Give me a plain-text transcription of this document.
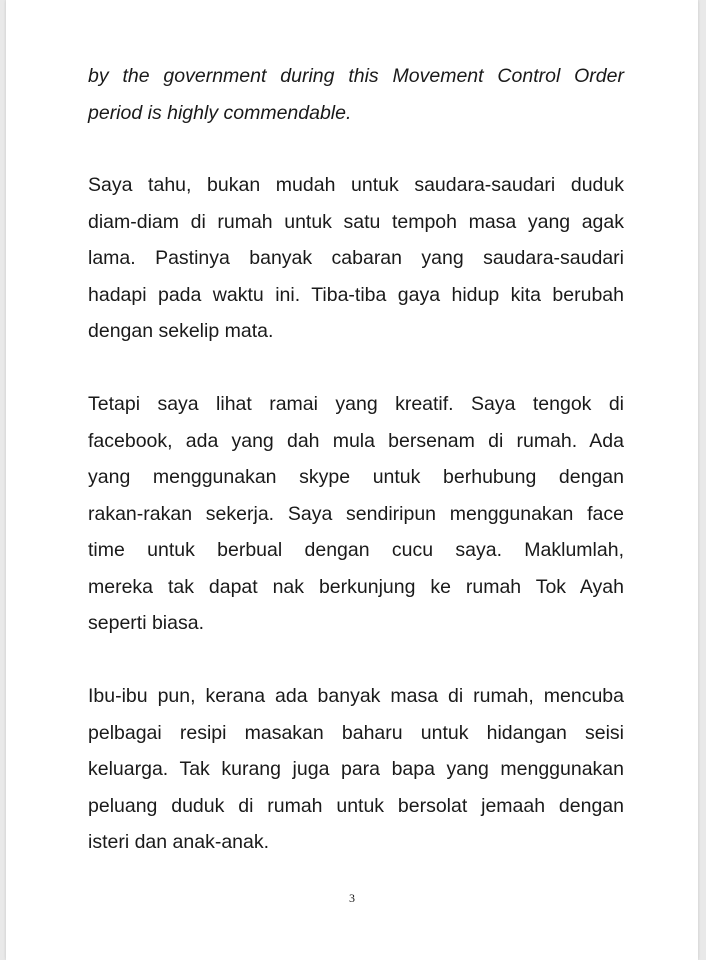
by the government during this Movement Control Order
period is highly commendable.
Saya tahu, bukan mudah untuk saudara-saudari duduk
diam-diam di rumah untuk satu tempoh masa yang agak
lama. Pastinya banyak cabaran yang saudara-saudari
hadapi pada waktu ini. Tiba-tiba gaya hidup kita berubah
dengan sekelip mata.
Tetapi saya lihat ramai yang kreatif. Saya tengok di
facebook, ada yang dah mula bersenam di rumah. Ada
yang menggunakan skype untuk berhubung dengan
rakan-rakan sekerja. Saya sendiripun menggunakan face
time untuk berbual dengan cucu saya. Maklumlah,
mereka tak dapat nak berkunjung ke rumah Tok Ayah
seperti biasa.
Ibu-ibu pun, kerana ada banyak masa di rumah, mencuba
pelbagai resipi masakan baharu untuk hidangan seisi
keluarga. Tak kurang juga para bapa yang menggunakan
peluang duduk di rumah untuk bersolat jemaah dengan
isteri dan anak-anak.
3
